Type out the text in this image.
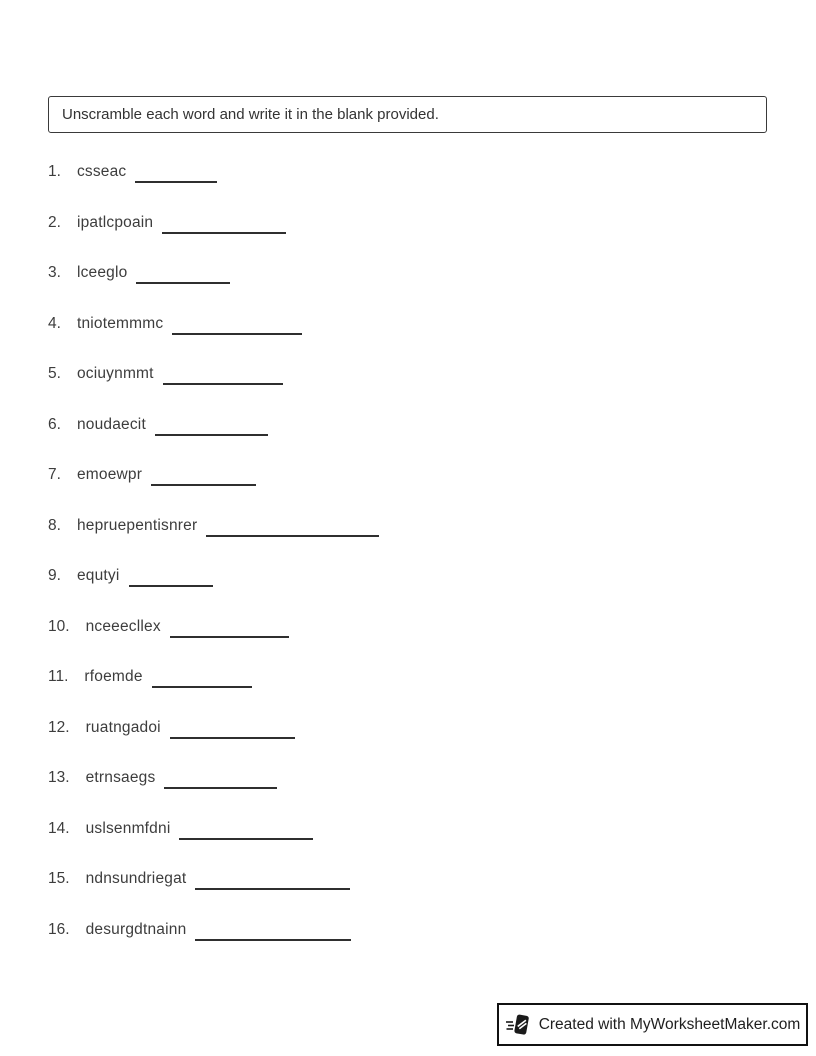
Unscramble each word and write it in the blank provided.
1. csseac
2. ipatlcpoain
3. lceeglo
4. tniotemmmc
5. ociuynmmt
6. noudaecit
7. emoewpr
8. hepruepentisnrer
9. equtyi
10. nceeecllex
11. rfoemde
12. ruatngadoi
13. etrnsaegs
14. uslsenmfdni
15. ndnsundriegat
16. desurgdtnainn
Created with MyWorksheetMaker.com
